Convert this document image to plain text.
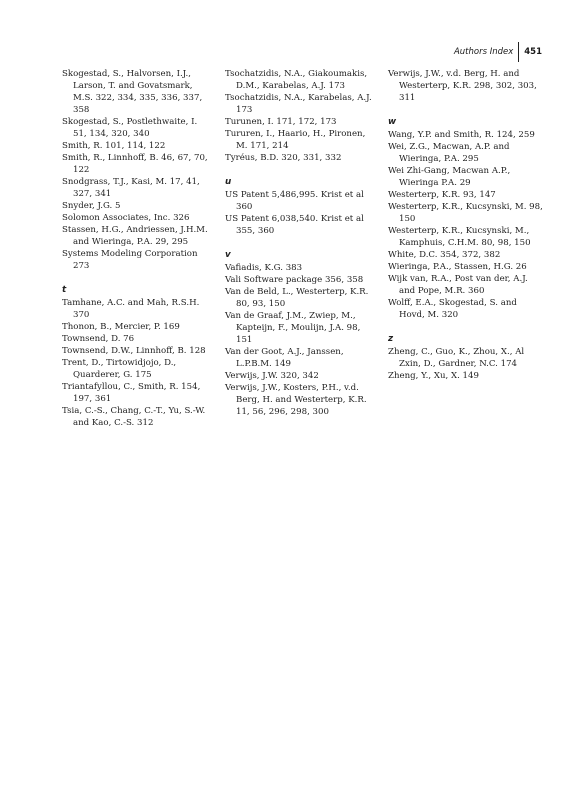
Authors Index 451
Skogestad, S., Halvorsen, I.J., Larson, T. and Govatsmark, M.S. 322, 334, 335, 336, 337, 358
Skogestad, S., Postlethwaite, I. 51, 134, 320, 340
Smith, R. 101, 114, 122
Smith, R., Linnhoff, B. 46, 67, 70, 122
Snodgrass, T.J., Kasi, M. 17, 41, 327, 341
Snyder, J.G. 5
Solomon Associates, Inc. 326
Stassen, H.G., Andriessen, J.H.M. and Wieringa, P.A. 29, 295
Systems Modeling Corporation 273
t
Tamhane, A.C. and Mah, R.S.H. 370
Thonon, B., Mercier, P. 169
Townsend, D. 76
Townsend, D.W., Linnhoff, B. 128
Trent, D., Tirtowidjojo, D., Quarderer, G. 175
Triantafyllou, C., Smith, R. 154, 197, 361
Tsia, C.-S., Chang, C.-T., Yu, S.-W. and Kao, C.-S. 312
Tsochatzidis, N.A., Giakoumakis, D.M., Karabelas, A.J. 173
Tsochatzidis, N.A., Karabelas, A.J. 173
Turunen, I. 171, 172, 173
Tururen, I., Haario, H., Pironen, M. 171, 214
Tyréus, B.D. 320, 331, 332
u
US Patent 5,486,995. Krist et al 360
US Patent 6,038,540. Krist et al 355, 360
v
Vafiadis, K.G. 383
Vali Software package 356, 358
Van de Beld, L., Westerterp, K.R. 80, 93, 150
Van de Graaf, J.M., Zwiep, M., Kapteijn, F., Moulijn, J.A. 98, 151
Van der Goot, A.J., Janssen, L.P.B.M. 149
Verwijs, J.W. 320, 342
Verwijs, J.W., Kosters, P.H., v.d. Berg, H. and Westerterp, K.R. 11, 56, 296, 298, 300
Verwijs, J.W., v.d. Berg, H. and Westerterp, K.R. 298, 302, 303, 311
w
Wang, Y.P. and Smith, R. 124, 259
Wei, Z.G., Macwan, A.P. and Wieringa, P.A. 295
Wei Zhi-Gang, Macwan A.P., Wieringa P.A. 29
Westerterp, K.R. 93, 147
Westerterp, K.R., Kucsynski, M. 98, 150
Westerterp, K.R., Kucsynski, M., Kamphuis, C.H.M. 80, 98, 150
White, D.C. 354, 372, 382
Wieringa, P.A., Stassen, H.G. 26
Wijk van, R.A., Post van der, A.J. and Pope, M.R. 360
Wolff, E.A., Skogestad, S. and Hovd, M. 320
z
Zheng, C., Guo, K., Zhou, X., Al Zxin, D., Gardner, N.C. 174
Zheng, Y., Xu, X. 149
